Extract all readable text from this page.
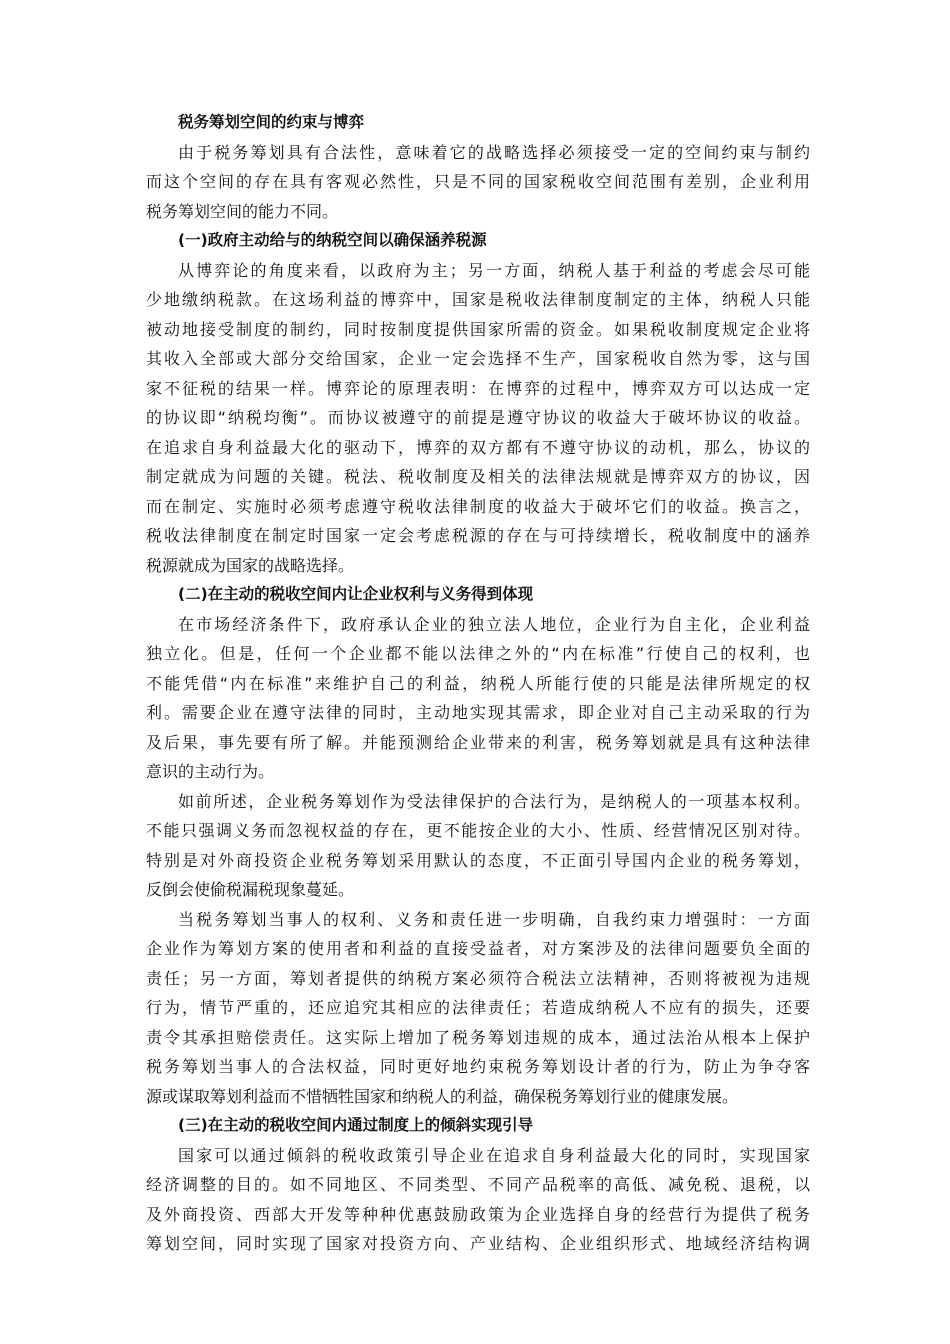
税务筹划空间的约束与博弈
由于税务筹划具有合法性，意味着它的战略选择必须接受一定的空间约束与制约
而这个空间的存在具有客观必然性，只是不同的国家税收空间范围有差别，企业利用
税务筹划空间的能力不同。
(一)政府主动给与的纳税空间以确保涵养税源
从博弈论的角度来看，以政府为主；另一方面，纳税人基于利益的考虑会尽可能
少地缴纳税款。在这场利益的博弈中，国家是税收法律制度制定的主体，纳税人只能
被动地接受制度的制约，同时按制度提供国家所需的资金。如果税收制度规定企业将
其收入全部或大部分交给国家，企业一定会选择不生产，国家税收自然为零，这与国
家不征税的结果一样。博弈论的原理表明：在博弈的过程中，博弈双方可以达成一定
的协议即“纳税均衡”。而协议被遵守的前提是遵守协议的收益大于破坏协议的收益。
在追求自身利益最大化的驱动下，博弈的双方都有不遵守协议的动机，那么，协议的
制定就成为问题的关键。税法、税收制度及相关的法律法规就是博弈双方的协议，因
而在制定、实施时必须考虑遵守税收法律制度的收益大于破坏它们的收益。换言之，
税收法律制度在制定时国家一定会考虑税源的存在与可持续增长，税收制度中的涵养
税源就成为国家的战略选择。
(二)在主动的税收空间内让企业权利与义务得到体现
在市场经济条件下，政府承认企业的独立法人地位，企业行为自主化，企业利益
独立化。但是，任何一个企业都不能以法律之外的“内在标准”行使自己的权利，也
不能凭借“内在标准”来维护自己的利益，纳税人所能行使的只能是法律所规定的权
利。需要企业在遵守法律的同时，主动地实现其需求，即企业对自己主动采取的行为
及后果，事先要有所了解。并能预测给企业带来的利害，税务筹划就是具有这种法律
意识的主动行为。
如前所述，企业税务筹划作为受法律保护的合法行为，是纳税人的一项基本权利。
不能只强调义务而忽视权益的存在，更不能按企业的大小、性质、经营情况区别对待。
特别是对外商投资企业税务筹划采用默认的态度，不正面引导国内企业的税务筹划，
反倒会使偷税漏税现象蔓延。
当税务筹划当事人的权利、义务和责任进一步明确，自我约束力增强时：一方面
企业作为筹划方案的使用者和利益的直接受益者，对方案涉及的法律问题要负全面的
责任；另一方面，筹划者提供的纳税方案必须符合税法立法精神，否则将被视为违规
行为，情节严重的，还应追究其相应的法律责任；若造成纳税人不应有的损失，还要
责令其承担赔偿责任。这实际上增加了税务筹划违规的成本，通过法治从根本上保护
税务筹划当事人的合法权益，同时更好地约束税务筹划设计者的行为，防止为争夺客
源或谋取筹划利益而不惜牺牲国家和纳税人的利益，确保税务筹划行业的健康发展。
(三)在主动的税收空间内通过制度上的倾斜实现引导
国家可以通过倾斜的税收政策引导企业在追求自身利益最大化的同时，实现国家
经济调整的目的。如不同地区、不同类型、不同产品税率的高低、减免税、退税，以
及外商投资、西部大开发等种种优惠鼓励政策为企业选择自身的经营行为提供了税务
筹划空间，同时实现了国家对投资方向、产业结构、企业组织形式、地域经济结构调
